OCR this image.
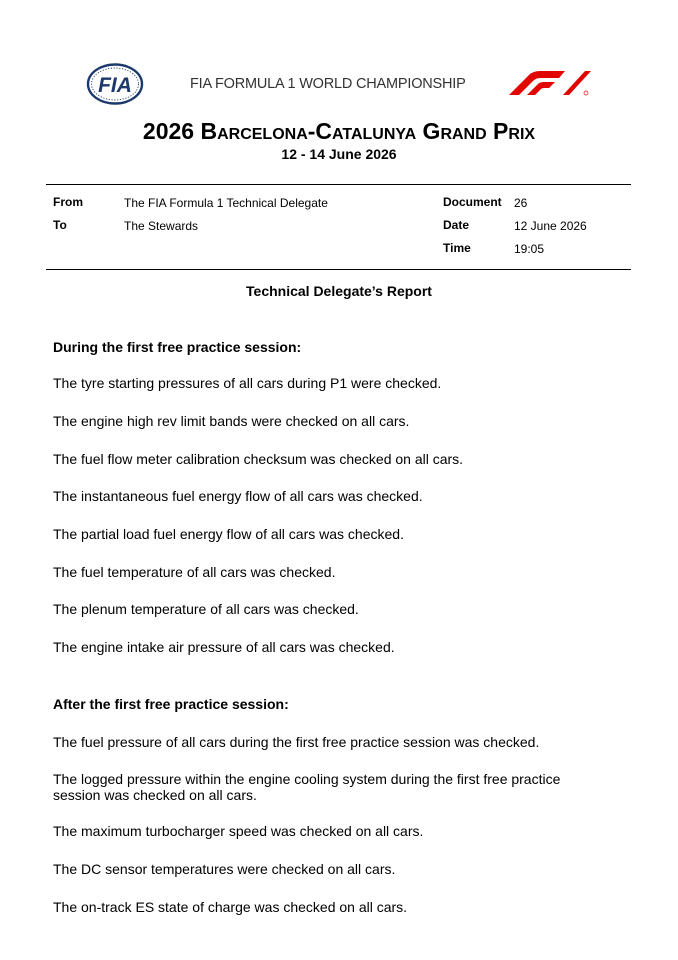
FIA	FIA FORMULA 1 WORLD CHAMPIONSHIP
2026 Barcelona-Catalunya Grand Prix
12 - 14 June 2026
From	The FIA Formula 1 Technical Delegate
To	The Stewards
Document 26
Date	12 June 2026
Time	19:05
Technical Delegate’s Report
During the first free practice session:
The tyre starting pressures of all cars during P1 were checked.
The engine high rev limit bands were checked on all cars.
The fuel flow meter calibration checksum was checked on all cars.
The instantaneous fuel energy flow of all cars was checked.
The partial load fuel energy flow of all cars was checked.
The fuel temperature of all cars was checked.
The plenum temperature of all cars was checked.
The engine intake air pressure of all cars was checked.
After the first free practice session:
The fuel pressure of all cars during the first free practice session was checked.
The logged pressure within the engine cooling system during the first free practice session was checked on all cars.
The maximum turbocharger speed was checked on all cars.
The DC sensor temperatures were checked on all cars.
The on-track ES state of charge was checked on all cars.
